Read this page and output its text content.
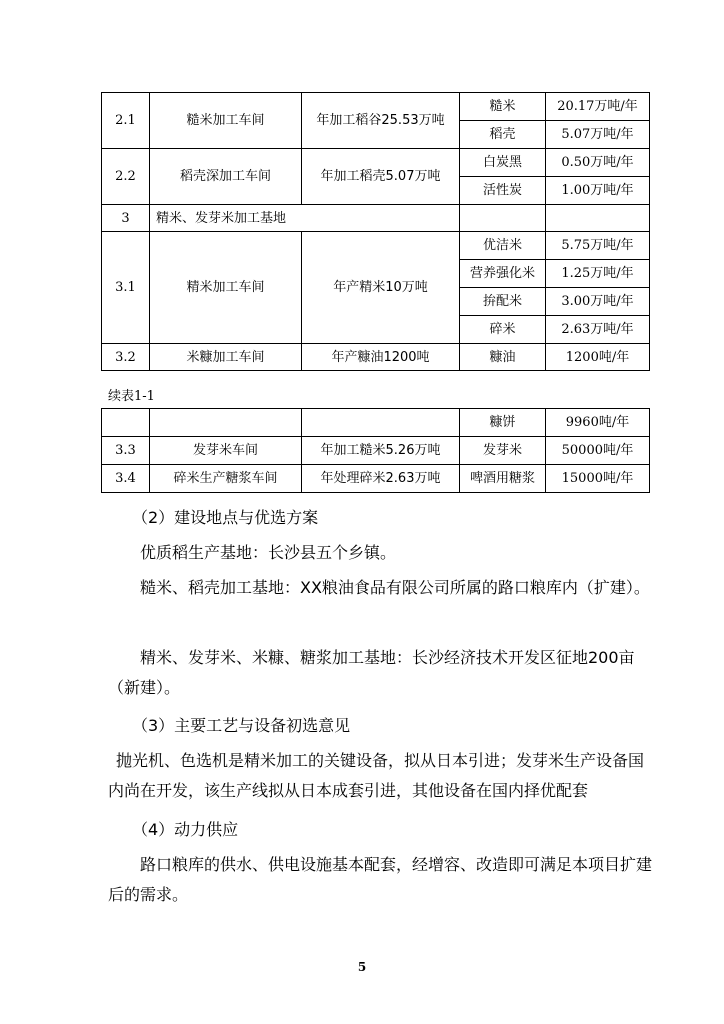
2.1	糙米加工车间	年加工稻谷25.53万吨	糙米	20.17万吨/年
			稻壳	5.07万吨/年
2.2	稻壳深加工车间	年加工稻壳5.07万吨	白炭黑	0.50万吨/年
			活性炭	1.00万吨/年
3	精米、发芽米加工基地			
3.1	精米加工车间	年产精米10万吨	优洁米	5.75万吨/年
			营养强化米	1.25万吨/年
			拚配米	3.00万吨/年
			碎米	2.63万吨/年
3.2	米糠加工车间	年产糠油1200吨	糠油	1200吨/年
续表1-1
			糠饼	9960吨/年
3.3	发芽米车间	年加工糙米5.26万吨	发芽米	50000吨/年
3.4	碎米生产糖浆车间	年处理碎米2.63万吨	啤酒用糖浆	15000吨/年

（2）建设地点与优选方案

优质稻生产基地：长沙县五个乡镇。

糙米、稻壳加工基地：XX粮油食品有限公司所属的路口粮库内（扩建）。

精米、发芽米、米糠、糖浆加工基地：长沙经济技术开发区征地200亩（新建）。

（3）主要工艺与设备初选意见

抛光机、色选机是精米加工的关键设备，拟从日本引进；发芽米生产设备国内尚在开发，该生产线拟从日本成套引进，其他设备在国内择优配套

（4）动力供应

路口粮库的供水、供电设施基本配套，经增容、改造即可满足本项目扩建后的需求。

5
